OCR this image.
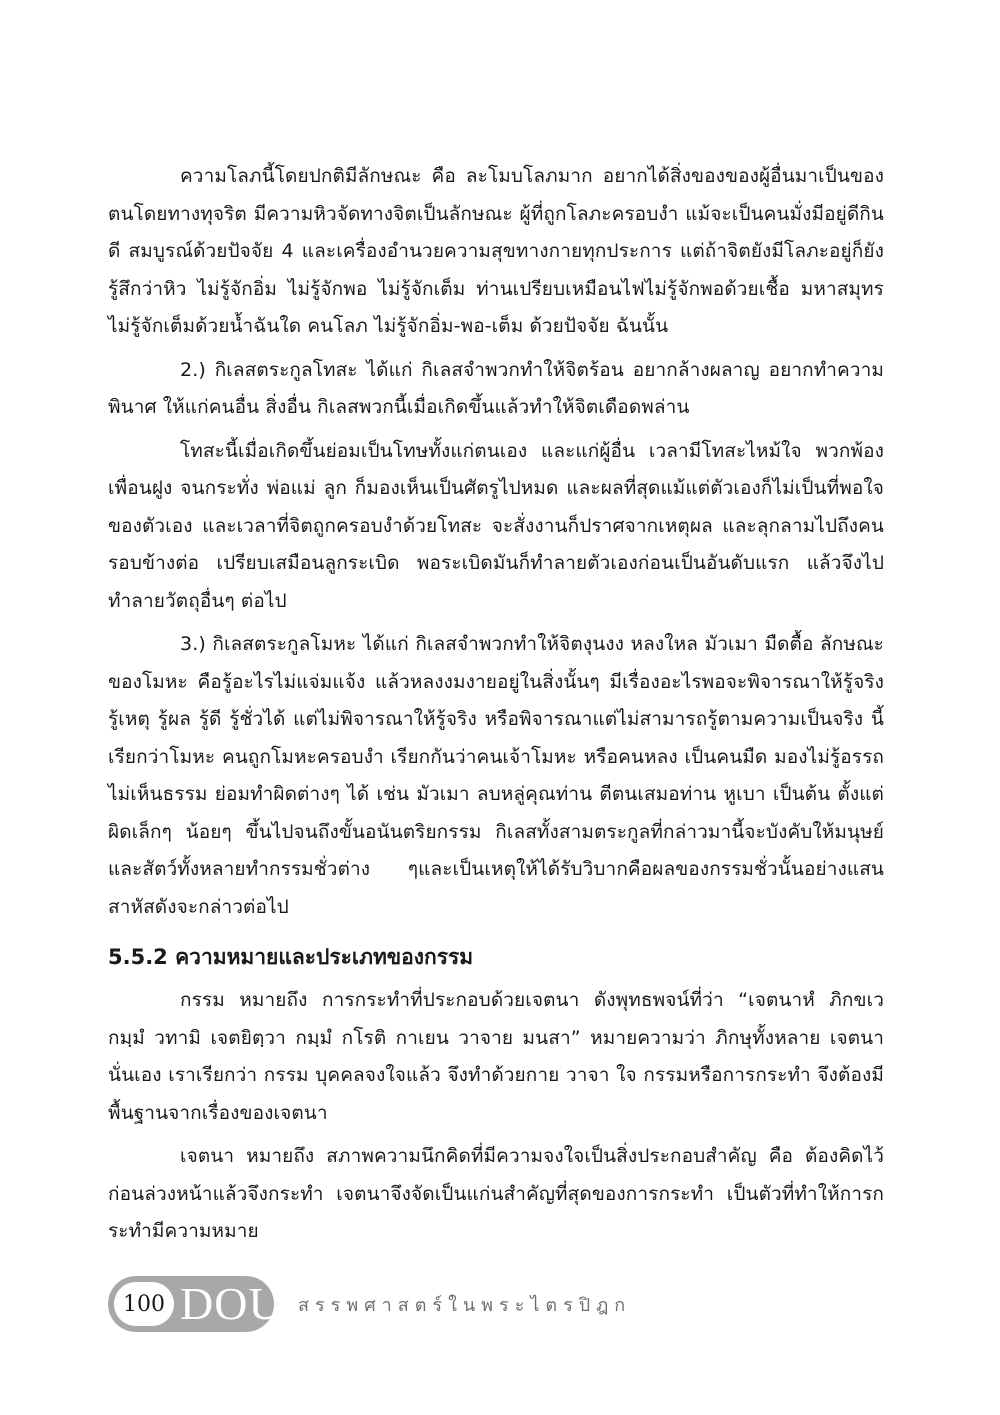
ความโลภนี้โดยปกติมีลักษณะ คือ ละโมบโลภมาก อยากได้สิ่งของของผู้อื่นมาเป็นของตนโดยทางทุจริต มีความหิวจัดทางจิตเป็นลักษณะ ผู้ที่ถูกโลภะครอบงำ แม้จะเป็นคนมั่งมีอยู่ดีกินดี สมบูรณ์ด้วยปัจจัย 4 และเครื่องอำนวยความสุขทางกายทุกประการ แต่ถ้าจิตยังมีโลภะอยู่ก็ยังรู้สึกว่าหิว ไม่รู้จักอิ่ม ไม่รู้จักพอ ไม่รู้จักเต็ม ท่านเปรียบเหมือนไฟไม่รู้จักพอด้วยเชื้อ มหาสมุทรไม่รู้จักเต็มด้วยน้ำฉันใด คนโลภ ไม่รู้จักอิ่ม-พอ-เต็ม ด้วยปัจจัย ฉันนั้น

2.) กิเลสตระกูลโทสะ ได้แก่ กิเลสจำพวกทำให้จิตร้อน อยากล้างผลาญ อยากทำความพินาศ ให้แก่คนอื่น สิ่งอื่น กิเลสพวกนี้เมื่อเกิดขึ้นแล้วทำให้จิตเดือดพล่าน

โทสะนี้เมื่อเกิดขึ้นย่อมเป็นโทษทั้งแก่ตนเอง และแก่ผู้อื่น เวลามีโทสะไหม้ใจ พวกพ้องเพื่อนฝูง จนกระทั่ง พ่อแม่ ลูก ก็มองเห็นเป็นศัตรูไปหมด และผลที่สุดแม้แต่ตัวเองก็ไม่เป็นที่พอใจของตัวเอง และเวลาที่จิตถูกครอบงำด้วยโทสะ จะสั่งงานก็ปราศจากเหตุผล และลุกลามไปถึงคนรอบข้างต่อ เปรียบเสมือนลูกระเบิด พอระเบิดมันก็ทำลายตัวเองก่อนเป็นอันดับแรก แล้วจึงไปทำลายวัตถุอื่นๆ ต่อไป

3.) กิเลสตระกูลโมหะ ได้แก่ กิเลสจำพวกทำให้จิตงุนงง หลงใหล มัวเมา มืดตื้อ ลักษณะของโมหะ คือรู้อะไรไม่แจ่มแจ้ง แล้วหลงงมงายอยู่ในสิ่งนั้นๆ มีเรื่องอะไรพอจะพิจารณาให้รู้จริง รู้เหตุ รู้ผล รู้ดี รู้ชั่วได้ แต่ไม่พิจารณาให้รู้จริง หรือพิจารณาแต่ไม่สามารถรู้ตามความเป็นจริง นี้เรียกว่าโมหะ คนถูกโมหะครอบงำ เรียกกันว่าคนเจ้าโมหะ หรือคนหลง เป็นคนมืด มองไม่รู้อรรถ ไม่เห็นธรรม ย่อมทำผิดต่างๆ ได้ เช่น มัวเมา ลบหลู่คุณท่าน ตีตนเสมอท่าน หูเบา เป็นต้น ตั้งแต่ผิดเล็กๆ น้อยๆ ขึ้นไปจนถึงขั้นอนันตริยกรรม กิเลสทั้งสามตระกูลที่กล่าวมานี้จะบังคับให้มนุษย์และสัตว์ทั้งหลายทำกรรมชั่วต่าง ๆและเป็นเหตุให้ได้รับวิบากคือผลของกรรมชั่วนั้นอย่างแสนสาหัสดังจะกล่าวต่อไป

5.5.2 ความหมายและประเภทของกรรม

กรรม หมายถึง การกระทำที่ประกอบด้วยเจตนา ดังพุทธพจน์ที่ว่า “เจตนาหํ ภิกขเว กมฺมํ วทามิ เจตยิตฺวา กมฺมํ กโรติ กาเยน วาจาย มนสา” หมายความว่า ภิกษุทั้งหลาย เจตนานั่นเอง เราเรียกว่า กรรม บุคคลจงใจแล้ว จึงทำด้วยกาย วาจา ใจ กรรมหรือการกระทำ จึงต้องมีพื้นฐานจากเรื่องของเจตนา

เจตนา หมายถึง สภาพความนึกคิดที่มีความจงใจเป็นสิ่งประกอบสำคัญ คือ ต้องคิดไว้ก่อนล่วงหน้าแล้วจึงกระทำ เจตนาจึงจัดเป็นแก่นสำคัญที่สุดของการกระทำ เป็นตัวที่ทำให้การกระทำมีความหมาย

100 DOU สรรพศาสตร์ในพระไตรปิฎก
